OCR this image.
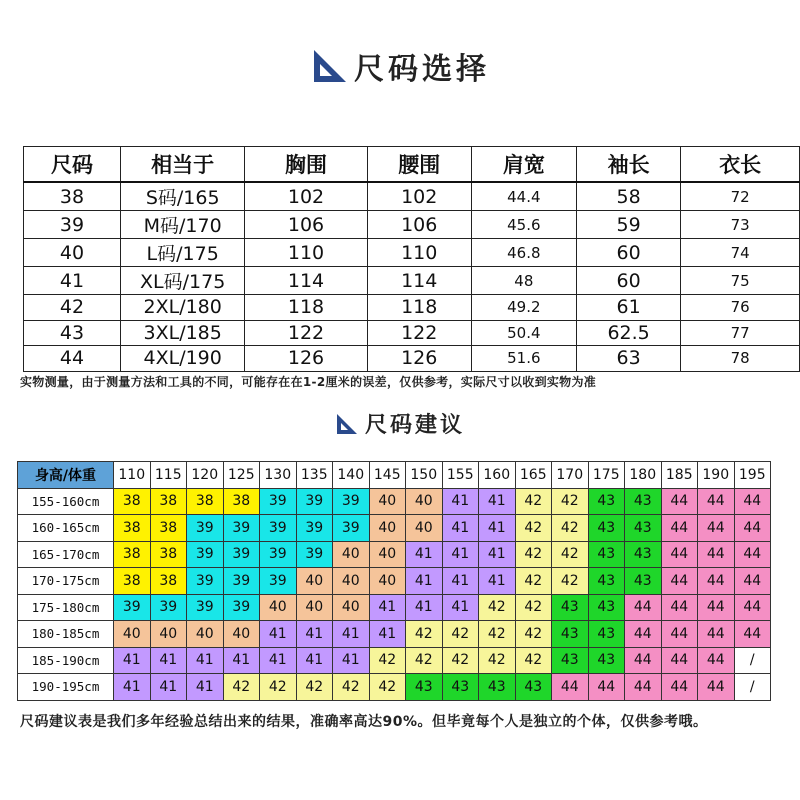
尺码选择
尺码	相当于	胸围	腰围	肩宽	袖长	衣长
38	S码/165	102	102	44.4	58	72
39	M码/170	106	106	45.6	59	73
40	L码/175	110	110	46.8	60	74
41	XL码/175	114	114	48	60	75
42	2XL/180	118	118	49.2	61	76
43	3XL/185	122	122	50.4	62.5	77
44	4XL/190	126	126	51.6	63	78
实物测量，由于测量方法和工具的不同，可能存在在1-2厘米的误差，仅供参考，实际尺寸以收到实物为准
尺码建议
身高/体重	110	115	120	125	130	135	140	145	150	155	160	165	170	175	180	185	190	195
155-160cm	38	38	38	38	39	39	39	40	40	41	41	42	42	43	43	44	44	44
160-165cm	38	38	39	39	39	39	39	40	40	41	41	42	42	43	43	44	44	44
165-170cm	38	38	39	39	39	39	40	40	41	41	41	42	42	43	43	44	44	44
170-175cm	38	38	39	39	39	40	40	40	41	41	41	42	42	43	43	44	44	44
175-180cm	39	39	39	39	40	40	40	41	41	41	42	42	43	43	44	44	44	44
180-185cm	40	40	40	40	41	41	41	41	42	42	42	42	43	43	44	44	44	44
185-190cm	41	41	41	41	41	41	41	42	42	42	42	42	43	43	44	44	44	/
190-195cm	41	41	41	42	42	42	42	42	43	43	43	43	44	44	44	44	44	/
尺码建议表是我们多年经验总结出来的结果，准确率高达90%。但毕竟每个人是独立的个体，仅供参考哦。
